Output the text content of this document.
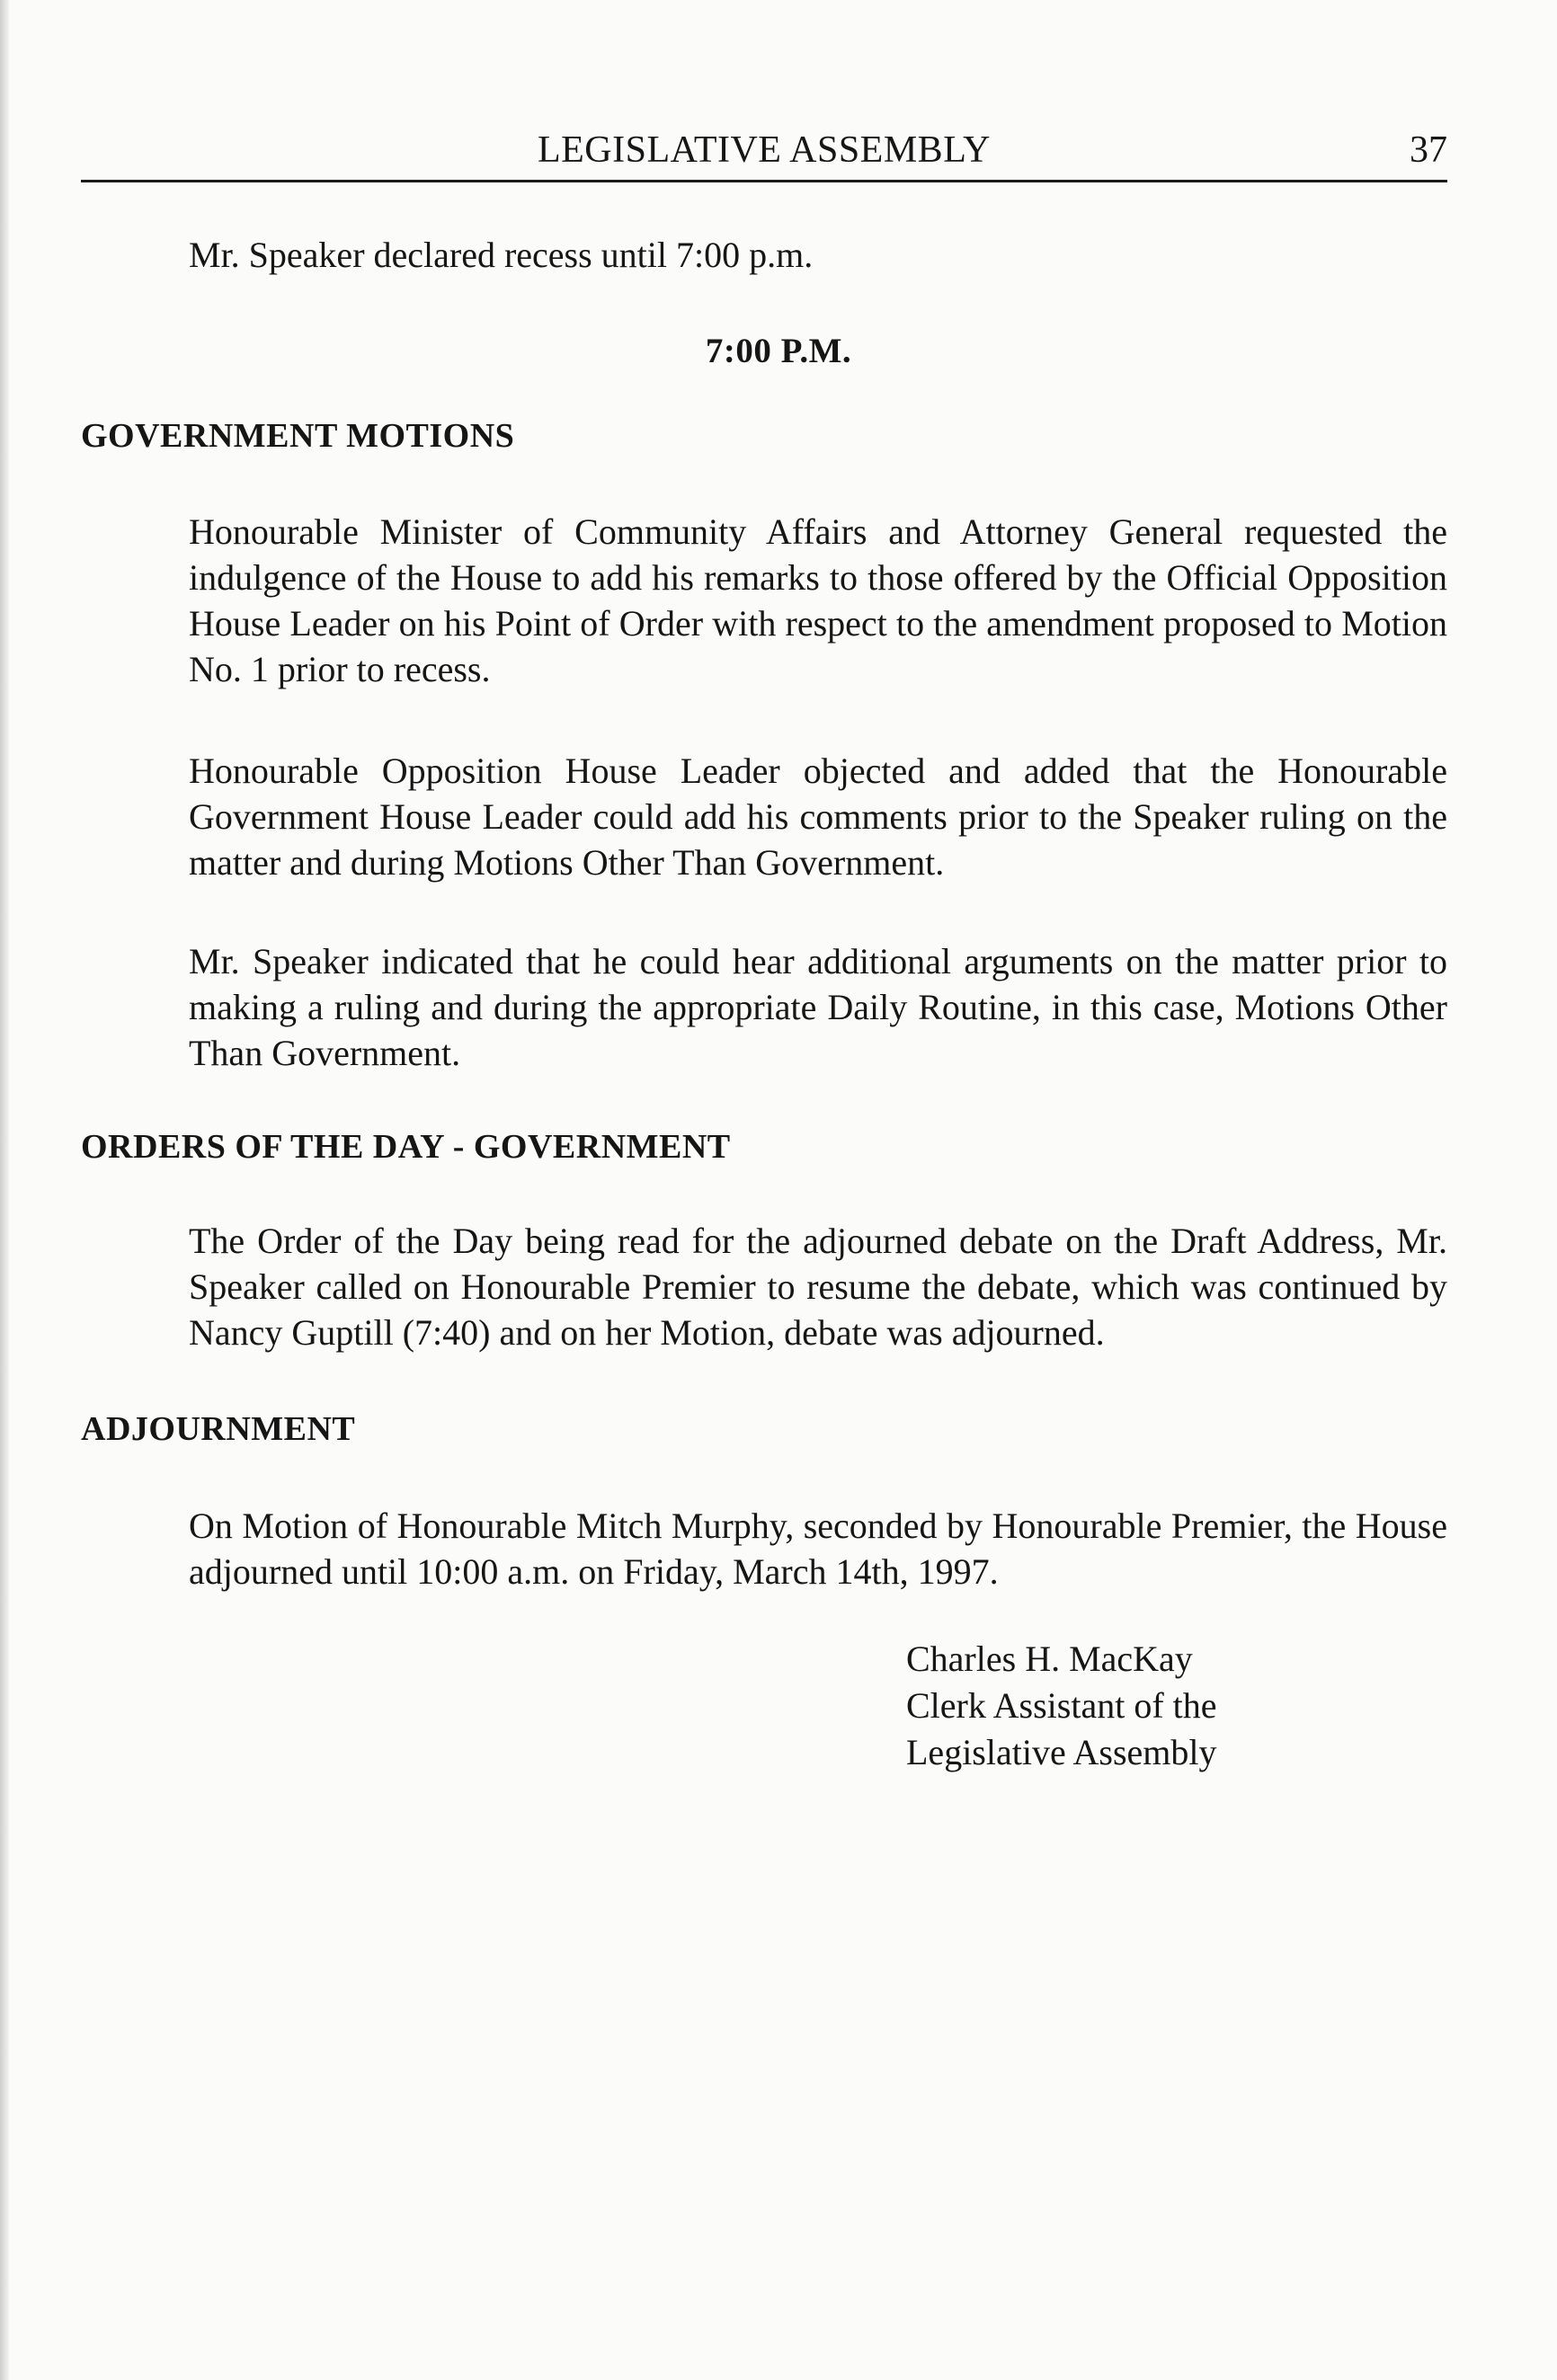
LEGISLATIVE ASSEMBLY	37
Mr. Speaker declared recess until 7:00 p.m.
7:00 P.M.
GOVERNMENT MOTIONS
Honourable Minister of Community Affairs and Attorney General requested the indulgence of the House to add his remarks to those offered by the Official Opposition House Leader on his Point of Order with respect to the amendment proposed to Motion No. 1 prior to recess.
Honourable Opposition House Leader objected and added that the Honourable Government House Leader could add his comments prior to the Speaker ruling on the matter and during Motions Other Than Government.
Mr. Speaker indicated that he could hear additional arguments on the matter prior to making a ruling and during the appropriate Daily Routine, in this case, Motions Other Than Government.
ORDERS OF THE DAY - GOVERNMENT
The Order of the Day being read for the adjourned debate on the Draft Address, Mr. Speaker called on Honourable Premier to resume the debate, which was continued by Nancy Guptill (7:40) and on her Motion, debate was adjourned.
ADJOURNMENT
On Motion of Honourable Mitch Murphy, seconded by Honourable Premier, the House adjourned until 10:00 a.m. on Friday, March 14th, 1997.
Charles H. MacKay
Clerk Assistant of the
Legislative Assembly
